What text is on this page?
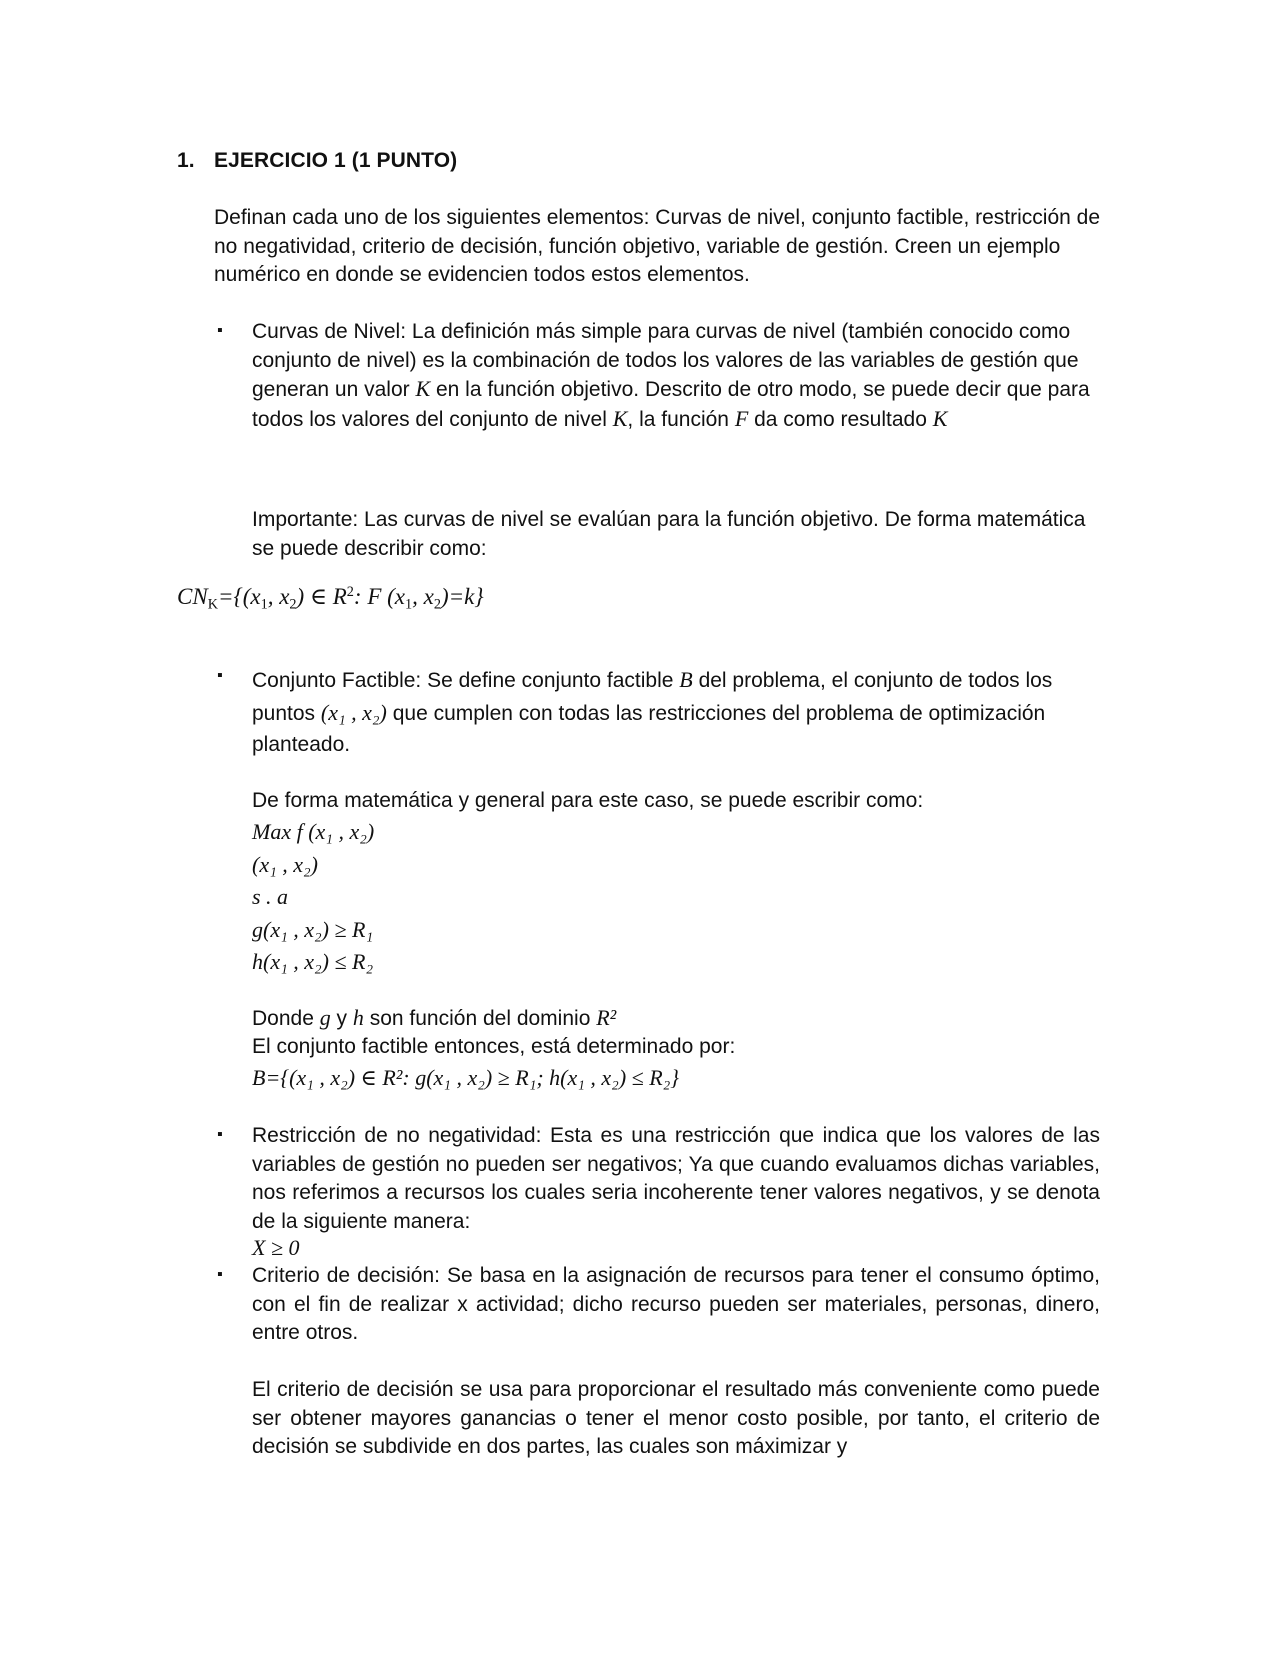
1. EJERCICIO 1 (1 PUNTO)
Definan cada uno de los siguientes elementos: Curvas de nivel, conjunto factible, restricción de no negatividad, criterio de decisión, función objetivo, variable de gestión. Creen un ejemplo numérico en donde se evidencien todos estos elementos.
▪ Curvas de Nivel: La definición más simple para curvas de nivel (también conocido como conjunto de nivel) es la combinación de todos los valores de las variables de gestión que generan un valor K en la función objetivo. Descrito de otro modo, se puede decir que para todos los valores del conjunto de nivel K, la función F da como resultado K
Importante: Las curvas de nivel se evalúan para la función objetivo. De forma matemática se puede describir como:
$CN_K=\{(x_1$, $x_2$) ∈ $R^2$: F ($x_1$, $x_2)=k$}
▪ Conjunto Factible: Se define conjunto factible B del problema, el conjunto de todos los puntos (x₁ , x₂) que cumplen con todas las restricciones del problema de optimización planteado.
De forma matemática y general para este caso, se puede escribir como:
Max f (x₁ , x₂)
(x₁ , x₂)
s . a
g(x₁ , x₂) ≥ R₁
h(x₁ , x₂) ≤ R₂
Donde g y h son función del dominio R²
El conjunto factible entonces, está determinado por:
B={(x₁ , x₂) ∈ R²: g(x₁ , x₂) ≥ R₁; h(x₁ , x₂) ≤ R₂}
▪ Restricción de no negatividad: Esta es una restricción que indica que los valores de las variables de gestión no pueden ser negativos; Ya que cuando evaluamos dichas variables, nos referimos a recursos los cuales seria incoherente tener valores negativos, y se denota de la siguiente manera:
X ≥ 0
▪ Criterio de decisión: Se basa en la asignación de recursos para tener el consumo óptimo, con el fin de realizar x actividad; dicho recurso pueden ser materiales, personas, dinero, entre otros.
El criterio de decisión se usa para proporcionar el resultado más conveniente como puede ser obtener mayores ganancias o tener el menor costo posible, por tanto, el criterio de decisión se subdivide en dos partes, las cuales son máximizar y
